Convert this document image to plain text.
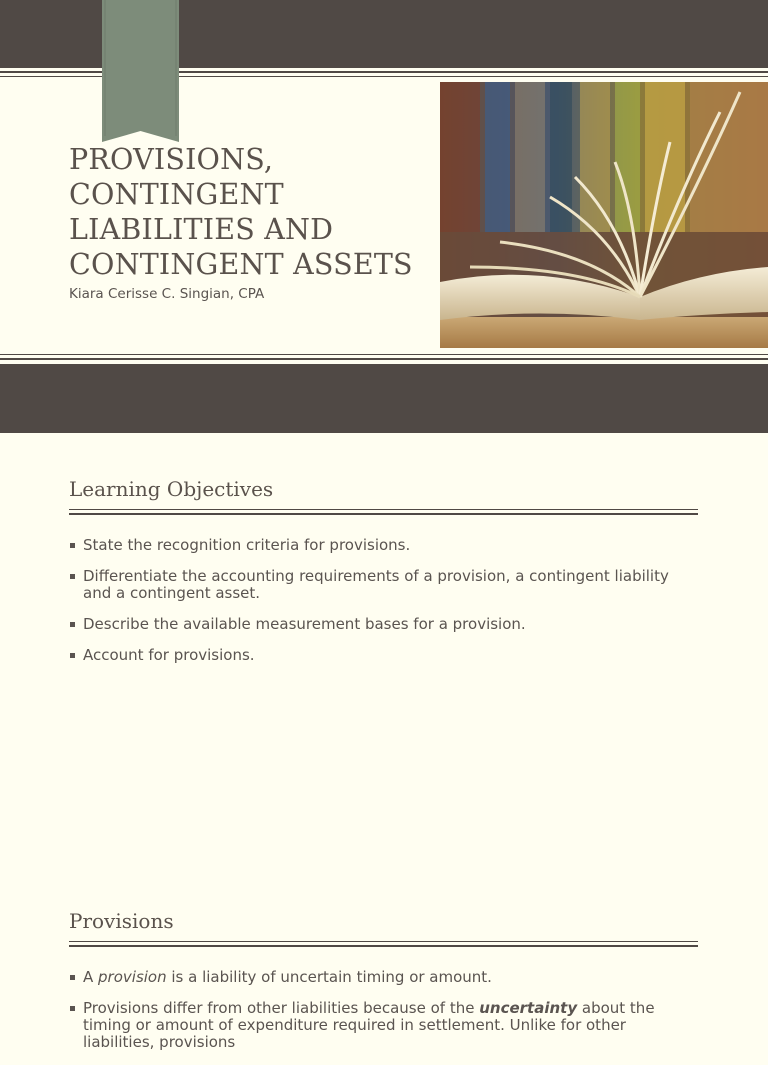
PROVISIONS, CONTINGENT LIABILITIES AND CONTINGENT ASSETS
Kiara Cerisse C. Singian, CPA
Learning Objectives
State the recognition criteria for provisions.
Differentiate the accounting requirements of a provision, a contingent liability and a contingent asset.
Describe the available measurement bases for a provision.
Account for provisions.
Provisions
A provision is a liability of uncertain timing or amount.
Provisions differ from other liabilities because of the uncertainty about the timing or amount of expenditure required in settlement. Unlike for other liabilities, provisions
